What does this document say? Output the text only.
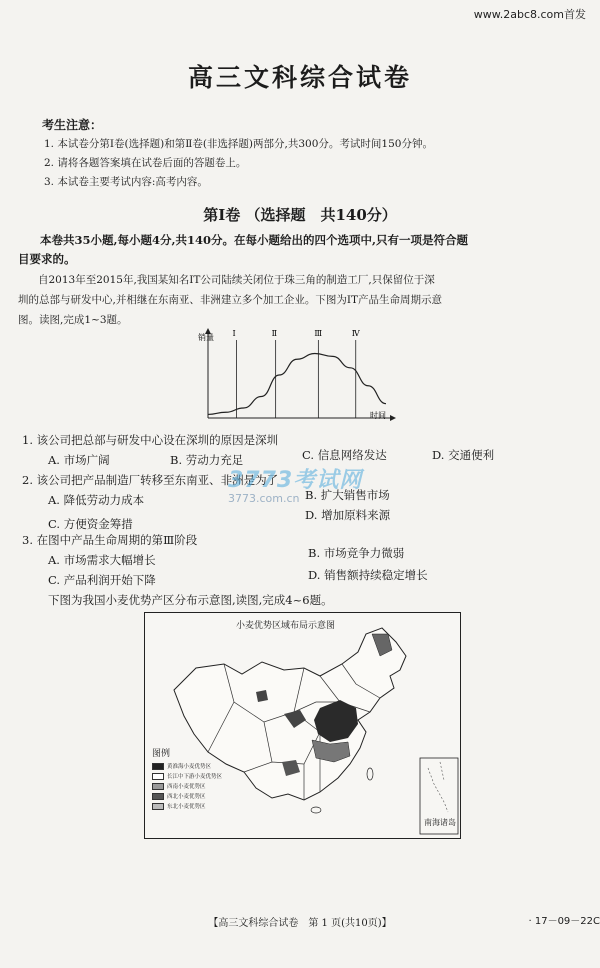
www.2abc8.com首发
高三文科综合试卷
考生注意：
1. 本试卷分第Ⅰ卷(选择题)和第Ⅱ卷(非选择题)两部分,共300分。考试时间150分钟。
2. 请将各题答案填在试卷后面的答题卷上。
3. 本试卷主要考试内容:高考内容。
第Ⅰ卷 （选择题　共140分）
本卷共35小题,每小题4分,共140分。在每小题给出的四个选项中,只有一项是符合题
目要求的。
自2013年至2015年,我国某知名IT公司陆续关闭位于珠三角的制造工厂,只保留位于深
圳的总部与研发中心,并相继在东南亚、非洲建立多个加工企业。下图为IT产品生命周期示意
图。读图,完成1~3题。
销量
时间
Ⅰ	Ⅱ	Ⅲ	Ⅳ
1. 该公司把总部与研发中心设在深圳的原因是深圳
A. 市场广阔	B. 劳动力充足	C. 信息网络发达	D. 交通便利
2. 该公司把产品制造厂转移至东南亚、非洲是为了
A. 降低劳动力成本	B. 扩大销售市场
C. 方便资金筹措
D. 增加原料来源
3. 在图中产品生命周期的第Ⅲ阶段
A. 市场需求大幅增长	B. 市场竞争力微弱
C. 产品利润开始下降	D. 销售额持续稳定增长
下图为我国小麦优势产区分布示意图,读图,完成4~6题。
3773考试网
3773.com.cn
小麦优势区域布局示意图
图例
黄淮海小麦优势区
长江中下游小麦优势区
西南小麦优势区
西北小麦优势区
东北小麦优势区
南海诸岛
【高三文科综合试卷　第 1 页(共10页)】	· 17－09－22C
